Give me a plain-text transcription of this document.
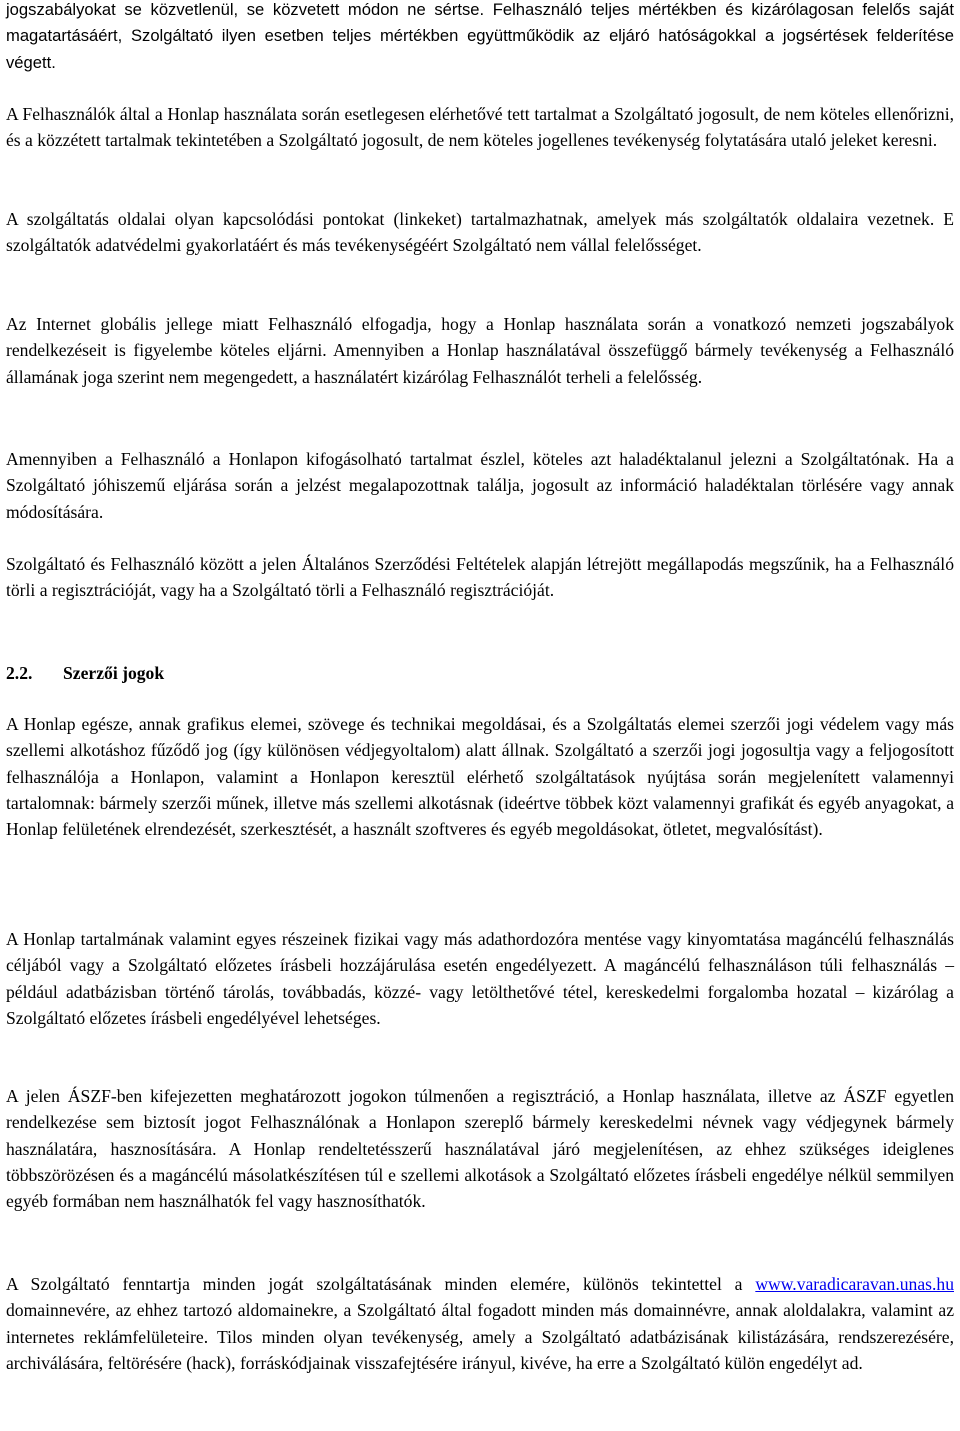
jogszabályokat se közvetlenül, se közvetett módon ne sértse. Felhasználó teljes mértékben és kizárólagosan felelős saját magatartásáért, Szolgáltató ilyen esetben teljes mértékben együttműködik az eljáró hatóságokkal a jogsértések felderítése végett.

A Felhasználók által a Honlap használata során esetlegesen elérhetővé tett tartalmat a Szolgáltató jogosult, de nem köteles ellenőrizni, és a közzétett tartalmak tekintetében a Szolgáltató jogosult, de nem köteles jogellenes tevékenység folytatására utaló jeleket keresni.

A szolgáltatás oldalai olyan kapcsolódási pontokat (linkeket) tartalmazhatnak, amelyek más szolgáltatók oldalaira vezetnek. E szolgáltatók adatvédelmi gyakorlatáért és más tevékenységéért Szolgáltató nem vállal felelősséget.

Az Internet globális jellege miatt Felhasználó elfogadja, hogy a Honlap használata során a vonatkozó nemzeti jogszabályok rendelkezéseit is figyelembe köteles eljárni. Amennyiben a Honlap használatával összefüggő bármely tevékenység a Felhasználó államának joga szerint nem megengedett, a használatért kizárólag Felhasználót terheli a felelősség.

Amennyiben a Felhasználó a Honlapon kifogásolható tartalmat észlel, köteles azt haladéktalanul jelezni a Szolgáltatónak. Ha a Szolgáltató jóhiszemű eljárása során a jelzést megalapozottnak találja, jogosult az információ haladéktalan törlésére vagy annak módosítására.

Szolgáltató és Felhasználó között a jelen Általános Szerződési Feltételek alapján létrejött megállapodás megszűnik, ha a Felhasználó törli a regisztrációját, vagy ha a Szolgáltató törli a Felhasználó regisztrációját.

2.2. Szerzői jogok

A Honlap egésze, annak grafikus elemei, szövege és technikai megoldásai, és a Szolgáltatás elemei szerzői jogi védelem vagy más szellemi alkotáshoz fűződő jog (így különösen védjegyoltalom) alatt állnak. Szolgáltató a szerzői jogi jogosultja vagy a feljogosított felhasználója a Honlapon, valamint a Honlapon keresztül elérhető szolgáltatások nyújtása során megjelenített valamennyi tartalomnak: bármely szerzői műnek, illetve más szellemi alkotásnak (ideértve többek közt valamennyi grafikát és egyéb anyagokat, a Honlap felületének elrendezését, szerkesztését, a használt szoftveres és egyéb megoldásokat, ötletet, megvalósítást).

A Honlap tartalmának valamint egyes részeinek fizikai vagy más adathordozóra mentése vagy kinyomtatása magáncélú felhasználás céljából vagy a Szolgáltató előzetes írásbeli hozzájárulása esetén engedélyezett. A magáncélú felhasználáson túli felhasználás – például adatbázisban történő tárolás, továbbadás, közzé- vagy letölthetővé tétel, kereskedelmi forgalomba hozatal – kizárólag a Szolgáltató előzetes írásbeli engedélyével lehetséges.

A jelen ÁSZF-ben kifejezetten meghatározott jogokon túlmenően a regisztráció, a Honlap használata, illetve az ÁSZF egyetlen rendelkezése sem biztosít jogot Felhasználónak a Honlapon szereplő bármely kereskedelmi névnek vagy védjegynek bármely használatára, hasznosítására. A Honlap rendeltetésszerű használatával járó megjelenítésen, az ehhez szükséges ideiglenes többszörözésen és a magáncélú másolatkészítésen túl e szellemi alkotások a Szolgáltató előzetes írásbeli engedélye nélkül semmilyen egyéb formában nem használhatók fel vagy hasznosíthatók.

A Szolgáltató fenntartja minden jogát szolgáltatásának minden elemére, különös tekintettel a www.varadicaravan.unas.hu domainnevére, az ehhez tartozó aldomainekre, a Szolgáltató által fogadott minden más domainnévre, annak aloldalakra, valamint az internetes reklámfelületeire. Tilos minden olyan tevékenység, amely a Szolgáltató adatbázisának kilistázására, rendszerezésére, archiválására, feltörésére (hack), forráskódjainak visszafejtésére irányul, kivéve, ha erre a Szolgáltató külön engedélyt ad.
